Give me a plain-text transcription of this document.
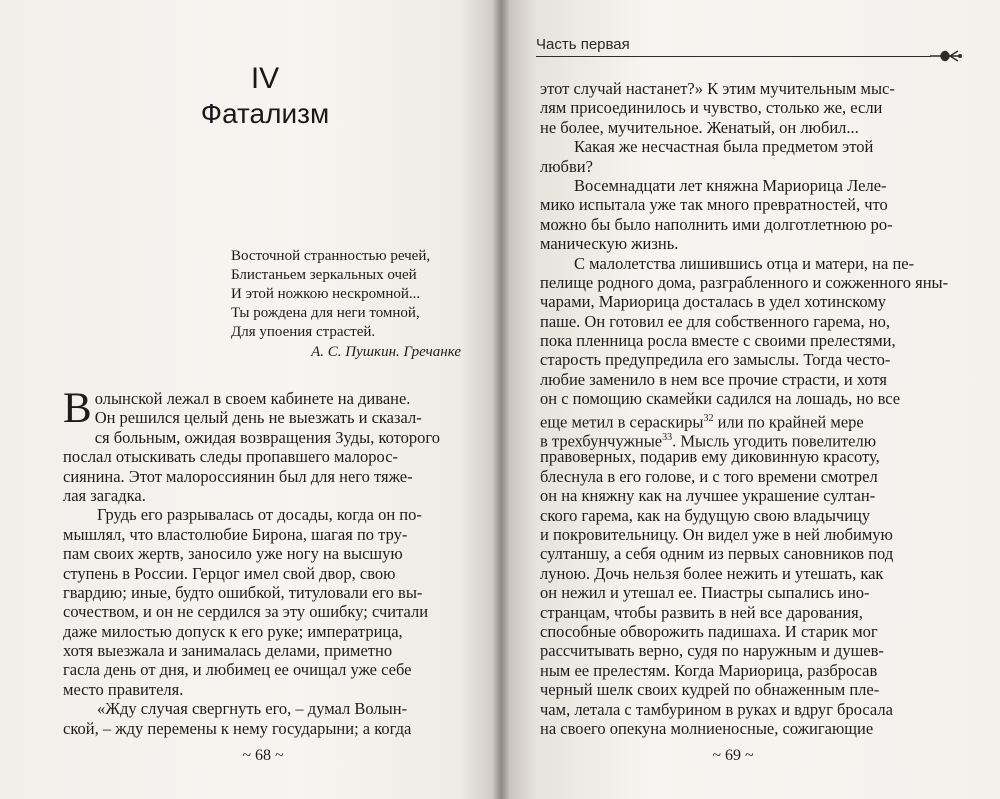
Часть первая
IV
Фатализм
Восточной странностью речей,
Блистаньем зеркальных очей
И этой ножкою нескромной...
Ты рождена для неги томной,
Для упоения страстей.
А. С. Пушкин. Гречанке
В олынской лежал в своем кабинете на диване.
Он решился целый день не выезжать и сказал-
ся больным, ожидая возвращения Зуды, которого
послал отыскивать следы пропавшего малорос-
сиянина. Этот малороссиянин был для него тяже-
лая загадка.
Грудь его разрывалась от досады, когда он по-
мышлял, что властолюбие Бирона, шагая по тру-
пам своих жертв, заносило уже ногу на высшую
ступень в России. Герцог имел свой двор, свою
гвардию; иные, будто ошибкой, титуловали его вы-
сочеством, и он не сердился за эту ошибку; считали
даже милостью допуск к его руке; императрица,
хотя выезжала и занималась делами, приметно
гасла день от дня, и любимец ее очищал уже себе
место правителя.
«Жду случая свергнуть его, – думал Волын-
ской, – жду перемены к нему государыни; а когда
этот случай настанет?» К этим мучительным мыс-
лям присоединилось и чувство, столько же, если
не более, мучительное. Женатый, он любил...
Какая же несчастная была предметом этой
любви?
Восемнадцати лет княжна Мариорица Леле-
мико испытала уже так много превратностей, что
можно бы было наполнить ими долготлетнюю ро-
маническую жизнь.
С малолетства лишившись отца и матери, на пе-
пелище родного дома, разграбленного и сожженного яны-
чарами, Мариорица досталась в удел хотинскому
паше. Он готовил ее для собственного гарема, но,
пока пленница росла вместе с своими прелестями,
старость предупредила его замыслы. Тогда често-
любие заменило в нем все прочие страсти, и хотя
он с помощию скамейки садился на лошадь, но все
еще метил в сераскиры$^{32}$ или по крайней мере
в трехбунчужные$^{33}$. Мысль угодить повелителю
правоверных, подарив ему диковинную красоту,
блеснула в его голове, и с того времени смотрел
он на княжну как на лучшее украшение султан-
ского гарема, как на будущую свою владычицу
и покровительницу. Он видел уже в ней любимую
султаншу, а себя одним из первых сановников под
луною. Дочь нельзя более нежить и утешать, как
он нежил и утешал ее. Пиастры сыпались ино-
странцам, чтобы развить в ней все дарования,
способные обворожить падишаха. И старик мог
рассчитывать верно, судя по наружным и душев-
ным ее прелестям. Когда Мариорица, разбросав
черный шелк своих кудрей по обнаженным пле-
чам, летала с тамбурином в руках и вдруг бросала
на своего опекуна молниеносные, сожигающие
~ 68 ~	~ 69 ~
